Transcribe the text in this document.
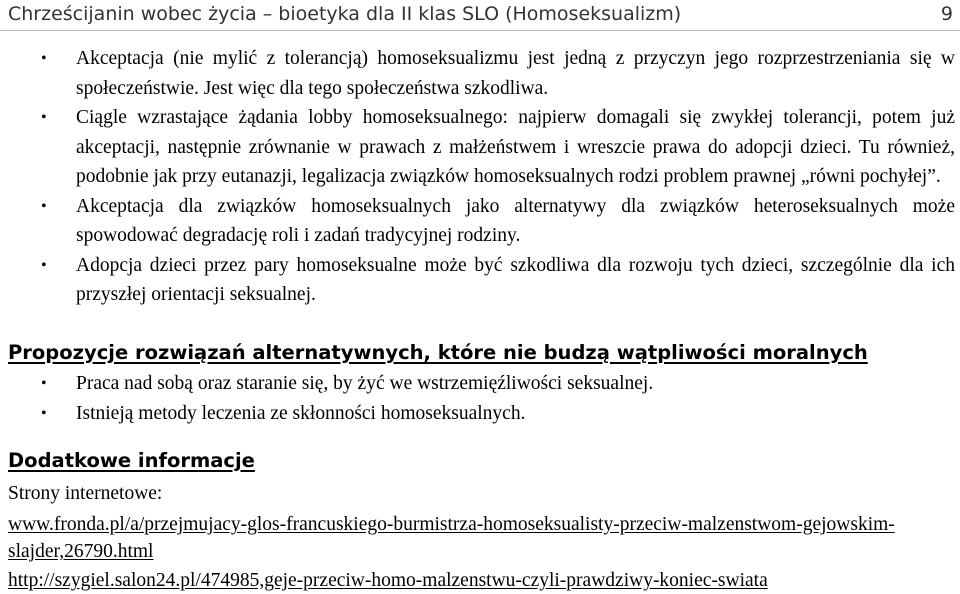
Chrześcijanin wobec życia – bioetyka dla II klas SLO (Homoseksualizm)	9
• Akceptacja (nie mylić z tolerancją) homoseksualizmu jest jedną z przyczyn jego rozprzestrzeniania się w społeczeństwie. Jest więc dla tego społeczeństwa szkodliwa.
• Ciągle wzrastające żądania lobby homoseksualnego: najpierw domagali się zwykłej tolerancji, potem już akceptacji, następnie zrównanie w prawach z małżeństwem i wreszcie prawa do adopcji dzieci. Tu również, podobnie jak przy eutanazji, legalizacja związków homoseksualnych rodzi problem prawnej „równi pochyłej”.
• Akceptacja dla związków homoseksualnych jako alternatywy dla związków heteroseksualnych może spowodować degradację roli i zadań tradycyjnej rodziny.
• Adopcja dzieci przez pary homoseksualne może być szkodliwa dla rozwoju tych dzieci, szczególnie dla ich przyszłej orientacji seksualnej.
Propozycje rozwiązań alternatywnych, które nie budzą wątpliwości moralnych
• Praca nad sobą oraz staranie się, by żyć we wstrzemięźliwości seksualnej.
• Istnieją metody leczenia ze skłonności homoseksualnych.
Dodatkowe informacje
Strony internetowe:
www.fronda.pl/a/przejmujacy-glos-francuskiego-burmistrza-homoseksualisty-przeciw-malzenstwom-gejowskim-slajder,26790.html
http://szygiel.salon24.pl/474985,geje-przeciw-homo-malzenstwu-czyli-prawdziwy-koniec-swiata
